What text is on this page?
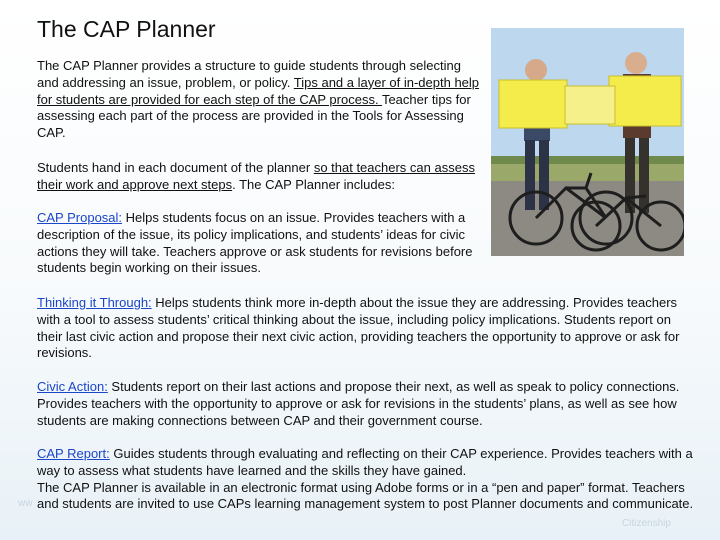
The CAP Planner

The CAP Planner provides a structure to guide students through selecting and addressing an issue, problem, or policy. Tips and a layer of in-depth help for students are provided for each step of the CAP process. Teacher tips for assessing each part of the process are provided in the Tools for Assessing CAP.

Students hand in each document of the planner so that teachers can assess their work and approve next steps. The CAP Planner includes:

CAP Proposal: Helps students focus on an issue. Provides teachers with a description of the issue, its policy implications, and students’ ideas for civic actions they will take. Teachers approve or ask students for revisions before students begin working on their issues.

Thinking it Through: Helps students think more in-depth about the issue they are addressing. Provides teachers with a tool to assess students’ critical thinking about the issue, including policy implications. Students report on their last civic action and propose their next civic action, providing teachers the opportunity to approve or ask for revisions.

Civic Action: Students report on their last actions and propose their next, as well as speak to policy connections. Provides teachers with the opportunity to approve or ask for revisions in the students’ plans, as well as see how students are making connections between CAP and their government course.

CAP Report: Guides students through evaluating and reflecting on their CAP experience. Provides teachers with a way to assess what students have learned and the skills they have gained.
The CAP Planner is available in an electronic format using Adobe forms or in a “pen and paper” format. Teachers and students are invited to use CAPs learning management system to post Planner documents and communicate.

ww
Citizenship
